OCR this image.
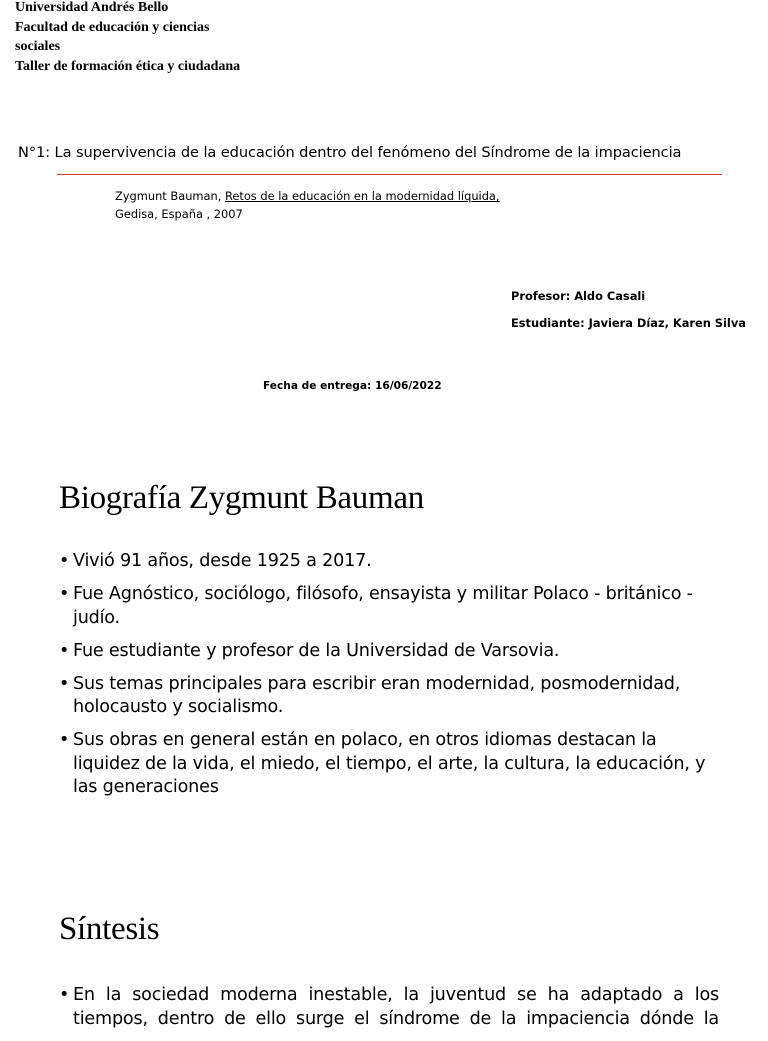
Universidad Andrés Bello
Facultad de educación y ciencias
sociales
Taller de formación ética y ciudadana
N°1: La supervivencia de la educación dentro del fenómeno del Síndrome de la impaciencia
Zygmunt Bauman, Retos de la educación en la modernidad líquida,
Gedisa, España , 2007
Profesor: Aldo Casali
Estudiante: Javiera Díaz, Karen Silva
Fecha de entrega: 16/06/2022
Biografía Zygmunt Bauman
• Vivió 91 años, desde 1925 a 2017.
• Fue Agnóstico, sociólogo, filósofo, ensayista y militar Polaco - británico - judío.
• Fue estudiante y profesor de la Universidad de Varsovia.
• Sus temas principales para escribir eran modernidad, posmodernidad, holocausto y socialismo.
• Sus obras en general están en polaco, en otros idiomas destacan la liquidez de la vida, el miedo, el tiempo, el arte, la cultura, la educación, y las generaciones
Síntesis
• En la sociedad moderna inestable, la juventud se ha adaptado a los tiempos, dentro de ello surge el síndrome de la impaciencia dónde la
